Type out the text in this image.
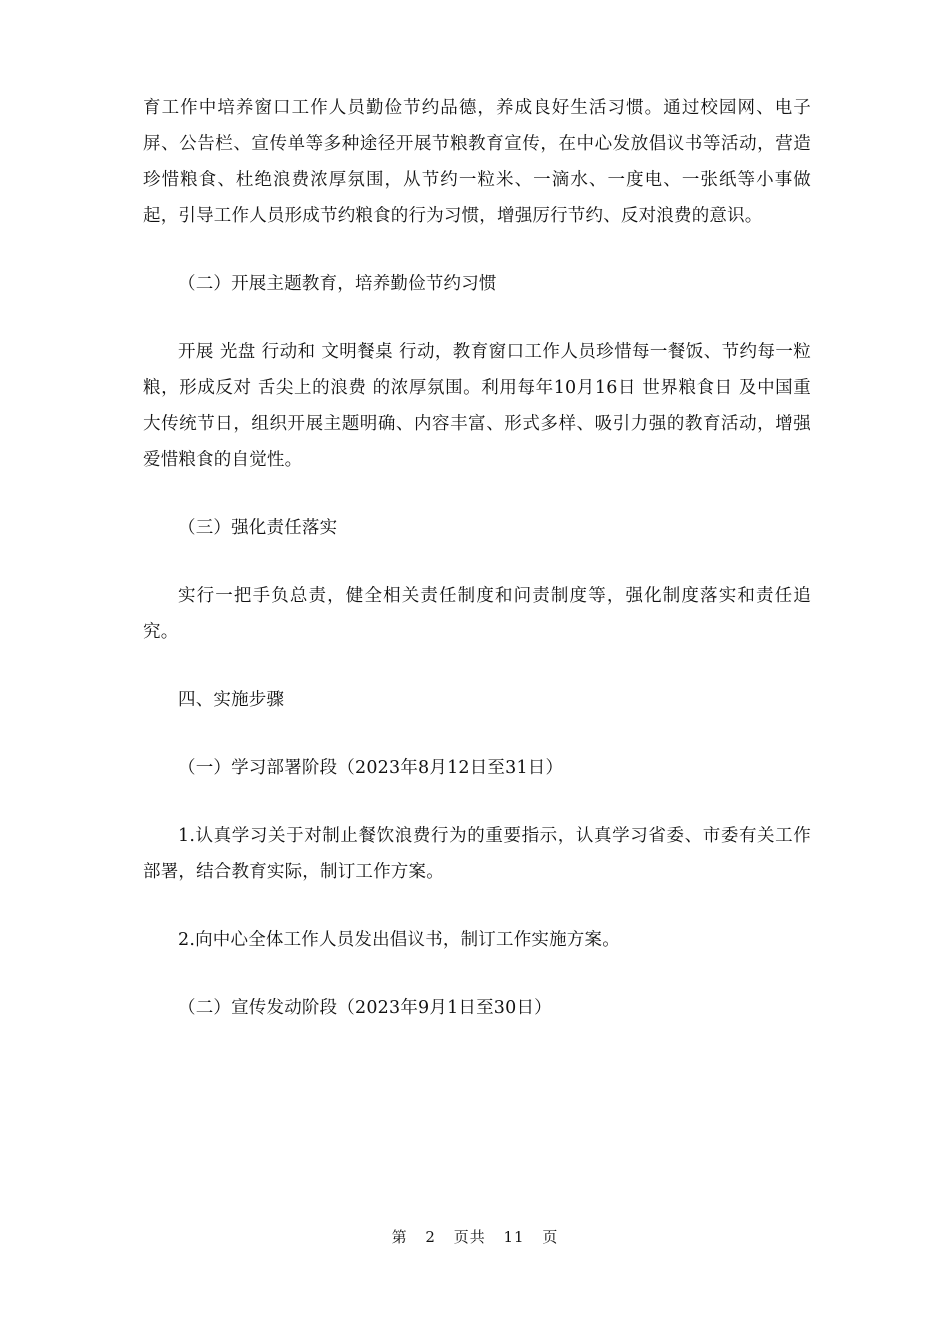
育工作中培养窗口工作人员勤俭节约品德，养成良好生活习惯。通过校园网、电子屏、公告栏、宣传单等多种途径开展节粮教育宣传，在中心发放倡议书等活动，营造珍惜粮食、杜绝浪费浓厚氛围，从节约一粒米、一滴水、一度电、一张纸等小事做起，引导工作人员形成节约粮食的行为习惯，增强厉行节约、反对浪费的意识。

（二）开展主题教育，培养勤俭节约习惯

开展 光盘 行动和 文明餐桌 行动，教育窗口工作人员珍惜每一餐饭、节约每一粒粮，形成反对 舌尖上的浪费 的浓厚氛围。利用每年10月16日 世界粮食日 及中国重大传统节日，组织开展主题明确、内容丰富、形式多样、吸引力强的教育活动，增强爱惜粮食的自觉性。

（三）强化责任落实

实行一把手负总责，健全相关责任制度和问责制度等，强化制度落实和责任追究。

四、实施步骤

（一）学习部署阶段（2023年8月12日至31日）

1.认真学习关于对制止餐饮浪费行为的重要指示，认真学习省委、市委有关工作部署，结合教育实际，制订工作方案。

2.向中心全体工作人员发出倡议书，制订工作实施方案。

（二）宣传发动阶段（2023年9月1日至30日）

第 2 页共 11 页
